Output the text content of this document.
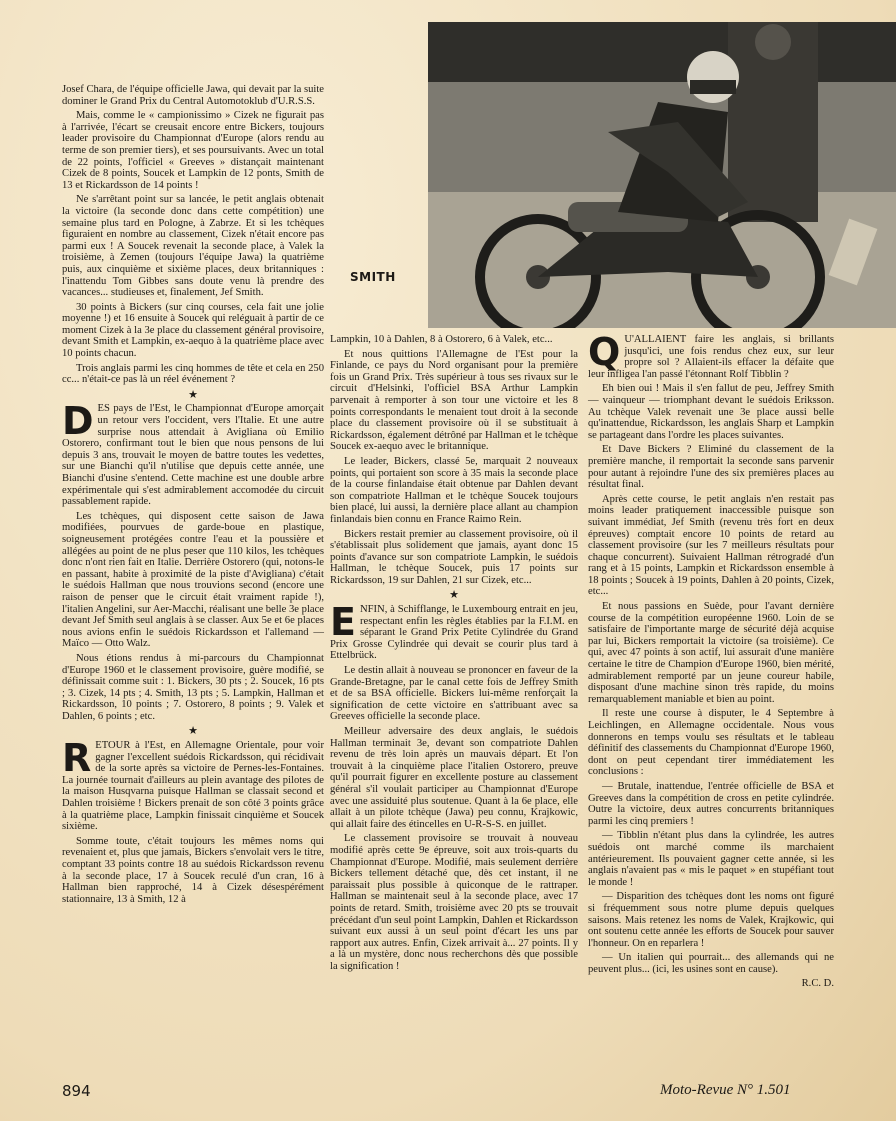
SMITH

Josef Chara, de l'équipe officielle Jawa, qui devait par la suite dominer le Grand Prix du Central Automotoklub d'U.R.S.S.

Mais, comme le « campionissimo » Cizek ne figurait pas à l'arrivée, l'écart se creusait encore entre Bickers, toujours leader provisoire du Championnat d'Europe (alors rendu au terme de son premier tiers), et ses poursuivants. Avec un total de 22 points, l'officiel « Greeves » distançait maintenant Cizek de 8 points, Soucek et Lampkin de 12 ponts, Smith de 13 et Rickardsson de 14 points !

Ne s'arrêtant point sur sa lancée, le petit anglais obtenait la victoire (la seconde donc dans cette compétition) une semaine plus tard en Pologne, à Zabrze. Et si les tchèques figuraient en nombre au classement, Cizek n'était encore pas parmi eux ! A Soucek revenait la seconde place, à Valek la troisième, à Zemen (toujours l'équipe Jawa) la quatrième puis, aux cinquième et sixième places, deux britanniques : l'inattendu Tom Gibbes sans doute venu là prendre des vacances... studieuses et, finalement, Jef Smith.

30 points à Bickers (sur cinq courses, cela fait une jolie moyenne !) et 16 ensuite à Soucek qui reléguait à partir de ce moment Cizek à la 3e place du classement général provisoire, devant Smith et Lampkin, ex-aequo à la quatrième place avec 10 points chacun.

Trois anglais parmi les cinq hommes de tête et cela en 250 cc... n'était-ce pas là un réel événement ?

★

DES pays de l'Est, le Championnat d'Europe amorçait un retour vers l'occident, vers l'Italie. Et une autre surprise nous attendait à Avigliana où Emilio Ostorero, confirmant tout le bien que nous pensons de lui depuis 3 ans, trouvait le moyen de battre toutes les vedettes, sur une Bianchi qu'il n'utilise que depuis cette année, une Bianchi d'usine s'entend. Cette machine est une double arbre expérimentale qui s'est admirablement accomodée du circuit passablement rapide.

Les tchèques, qui disposent cette saison de Jawa modifiées, pourvues de garde-boue en plastique, soigneusement protégées contre l'eau et la poussière et allégées au point de ne plus peser que 110 kilos, les tchèques donc n'ont rien fait en Italie. Derrière Ostorero (qui, notons-le en passant, habite à proximité de la piste d'Avigliana) c'était le suédois Hallman que nous trouvions second (encore une raison de penser que le circuit était vraiment rapide !), l'italien Angelini, sur Aer-Macchi, réalisant une belle 3e place devant Jef Smith seul anglais à se classer. Aux 5e et 6e places nous avions enfin le suédois Rickardsson et l'allemand — Maïco — Otto Walz.

Nous étions rendus à mi-parcours du Championnat d'Europe 1960 et le classement provisoire, guère modifié, se définissait comme suit : 1. Bickers, 30 pts ; 2. Soucek, 16 pts ; 3. Cizek, 14 pts ; 4. Smith, 13 pts ; 5. Lampkin, Hallman et Rickardsson, 10 points ; 7. Ostorero, 8 points ; 9. Valek et Dahlen, 6 points ; etc.

★

RETOUR à l'Est, en Allemagne Orientale, pour voir gagner l'excellent suédois Rickardsson, qui récidivait de la sorte après sa victoire de Pernes-les-Fontaines. La journée tournait d'ailleurs au plein avantage des pilotes de la maison Husqvarna puisque Hallman se classait second et Dahlen troisième ! Bickers prenait de son côté 3 points grâce à la quatrième place, Lampkin finissait cinquième et Soucek sixième.

Somme toute, c'était toujours les mêmes noms qui revenaient et, plus que jamais, Bickers s'envolait vers le titre, comptant 33 points contre 18 au suédois Rickardsson revenu à la seconde place, 17 à Soucek reculé d'un cran, 16 à Hallman bien rapproché, 14 à Cizek désespérément stationnaire, 13 à Smith, 12 à

Lampkin, 10 à Dahlen, 8 à Ostorero, 6 à Valek, etc...

Et nous quittions l'Allemagne de l'Est pour la Finlande, ce pays du Nord organisant pour la première fois un Grand Prix. Très supérieur à tous ses rivaux sur le circuit d'Helsinki, l'officiel BSA Arthur Lampkin parvenait à remporter à son tour une victoire et les 8 points correspondants le menaient tout droit à la seconde place du classement provisoire où il se substituait à Rickardsson, également détrôné par Hallman et le tchèque Soucek ex-aequo avec le britannique.

Le leader, Bickers, classé 5e, marquait 2 nouveaux points, qui portaient son score à 35 mais la seconde place de la course finlandaise était obtenue par Dahlen devant son compatriote Hallman et le tchèque Soucek toujours bien placé, lui aussi, la dernière place allant au champion finlandais bien connu en France Raimo Rein.

Bickers restait premier au classement provisoire, où il s'établissait plus solidement que jamais, ayant donc 15 points d'avance sur son compatriote Lampkin, le suédois Hallman, le tchèque Soucek, puis 17 points sur Rickardsson, 19 sur Dahlen, 21 sur Cizek, etc...

★

ENFIN, à Schifflange, le Luxembourg entrait en jeu, respectant enfin les règles établies par la F.I.M. en séparant le Grand Prix Petite Cylindrée du Grand Prix Grosse Cylindrée qui devait se courir plus tard à Ettelbrück.

Le destin allait à nouveau se prononcer en faveur de la Grande-Bretagne, par le canal cette fois de Jeffrey Smith et de sa BSA officielle. Bickers lui-même renforçait la signification de cette victoire en s'attribuant avec sa Greeves officielle la seconde place.

Meilleur adversaire des deux anglais, le suédois Hallman terminait 3e, devant son compatriote Dahlen revenu de très loin après un mauvais départ. Et l'on trouvait à la cinquième place l'italien Ostorero, preuve qu'il pourrait figurer en excellente posture au classement général s'il voulait participer au Championnat d'Europe avec une assiduité plus soutenue. Quant à la 6e place, elle allait à un pilote tchèque (Jawa) peu connu, Krajkowic, qui allait faire des étincelles en U-R-S-S. en juillet.

Le classement provisoire se trouvait à nouveau modifié après cette 9e épreuve, soit aux trois-quarts du Championnat d'Europe. Modifié, mais seulement derrière Bickers tellement détaché que, dès cet instant, il ne paraissait plus possible à quiconque de le rattraper. Hallman se maintenait seul à la seconde place, avec 17 points de retard. Smith, troisième avec 20 pts se trouvait précédant d'un seul point Lampkin, Dahlen et Rickardsson suivant eux aussi à un seul point d'écart les uns par rapport aux autres. Enfin, Cizek arrivait à... 27 points. Il y a là un mystère, donc nous recherchons dès que possible la signification !

Q U'ALLAIENT faire les anglais, si brillants jusqu'ici, une fois rendus chez eux, sur leur propre sol ? Allaient-ils effacer la défaite que leur infligea l'an passé l'étonnant Rolf Tibblin ?

Eh bien oui ! Mais il s'en fallut de peu, Jeffrey Smith — vainqueur — triomphant devant le suédois Eriksson. Au tchèque Valek revenait une 3e place aussi belle qu'inattendue, Rickardsson, les anglais Sharp et Lampkin se partageant dans l'ordre les places suivantes.

Et Dave Bickers ? Eliminé du classement de la première manche, il remportait la seconde sans parvenir pour autant à rejoindre l'une des six premières places au résultat final.

Après cette course, le petit anglais n'en restait pas moins leader pratiquement inaccessible puisque son suivant immédiat, Jef Smith (revenu très fort en deux épreuves) comptait encore 10 points de retard au classement provisoire (sur les 7 meilleurs résultats pour chaque concurrent). Suivaient Hallman rétrogradé d'un rang et à 15 points, Lampkin et Rickardsson ensemble à 18 points ; Soucek à 19 points, Dahlen à 20 points, Cizek, etc...

Et nous passions en Suède, pour l'avant dernière course de la compétition européenne 1960. Loin de se satisfaire de l'importante marge de sécurité déjà acquise par lui, Bickers remportait la victoire (sa troisième). Ce qui, avec 47 points à son actif, lui assurait d'une manière certaine le titre de Champion d'Europe 1960, bien mérité, admirablement remporté par un jeune coureur habile, disposant d'une machine sinon très rapide, du moins remarquablement maniable et bien au point.

Il reste une course à disputer, le 4 Septembre à Leichlingen, en Allemagne occidentale. Nous vous donnerons en temps voulu ses résultats et le tableau définitif des classements du Championnat d'Europe 1960, dont on peut cependant tirer immédiatement les conclusions :

— Brutale, inattendue, l'entrée officielle de BSA et Greeves dans la compétition de cross en petite cylindrée. Outre la victoire, deux autres concurrents britanniques parmi les cinq premiers !

— Tibblin n'étant plus dans la cylindrée, les autres suédois ont marché comme ils marchaient antérieurement. Ils pouvaient gagner cette année, si les anglais n'avaient pas « mis le paquet » en stupéfiant tout le monde !

— Disparition des tchèques dont les noms ont figuré si fréquemment sous notre plume depuis quelques saisons. Mais retenez les noms de Valek, Krajkowic, qui ont soutenu cette année les efforts de Soucek pour sauver l'honneur. On en reparlera !

— Un italien qui pourrait... des allemands qui ne peuvent plus... (ici, les usines sont en cause).

R.C. D.

894	Moto-Revue N° 1.501
